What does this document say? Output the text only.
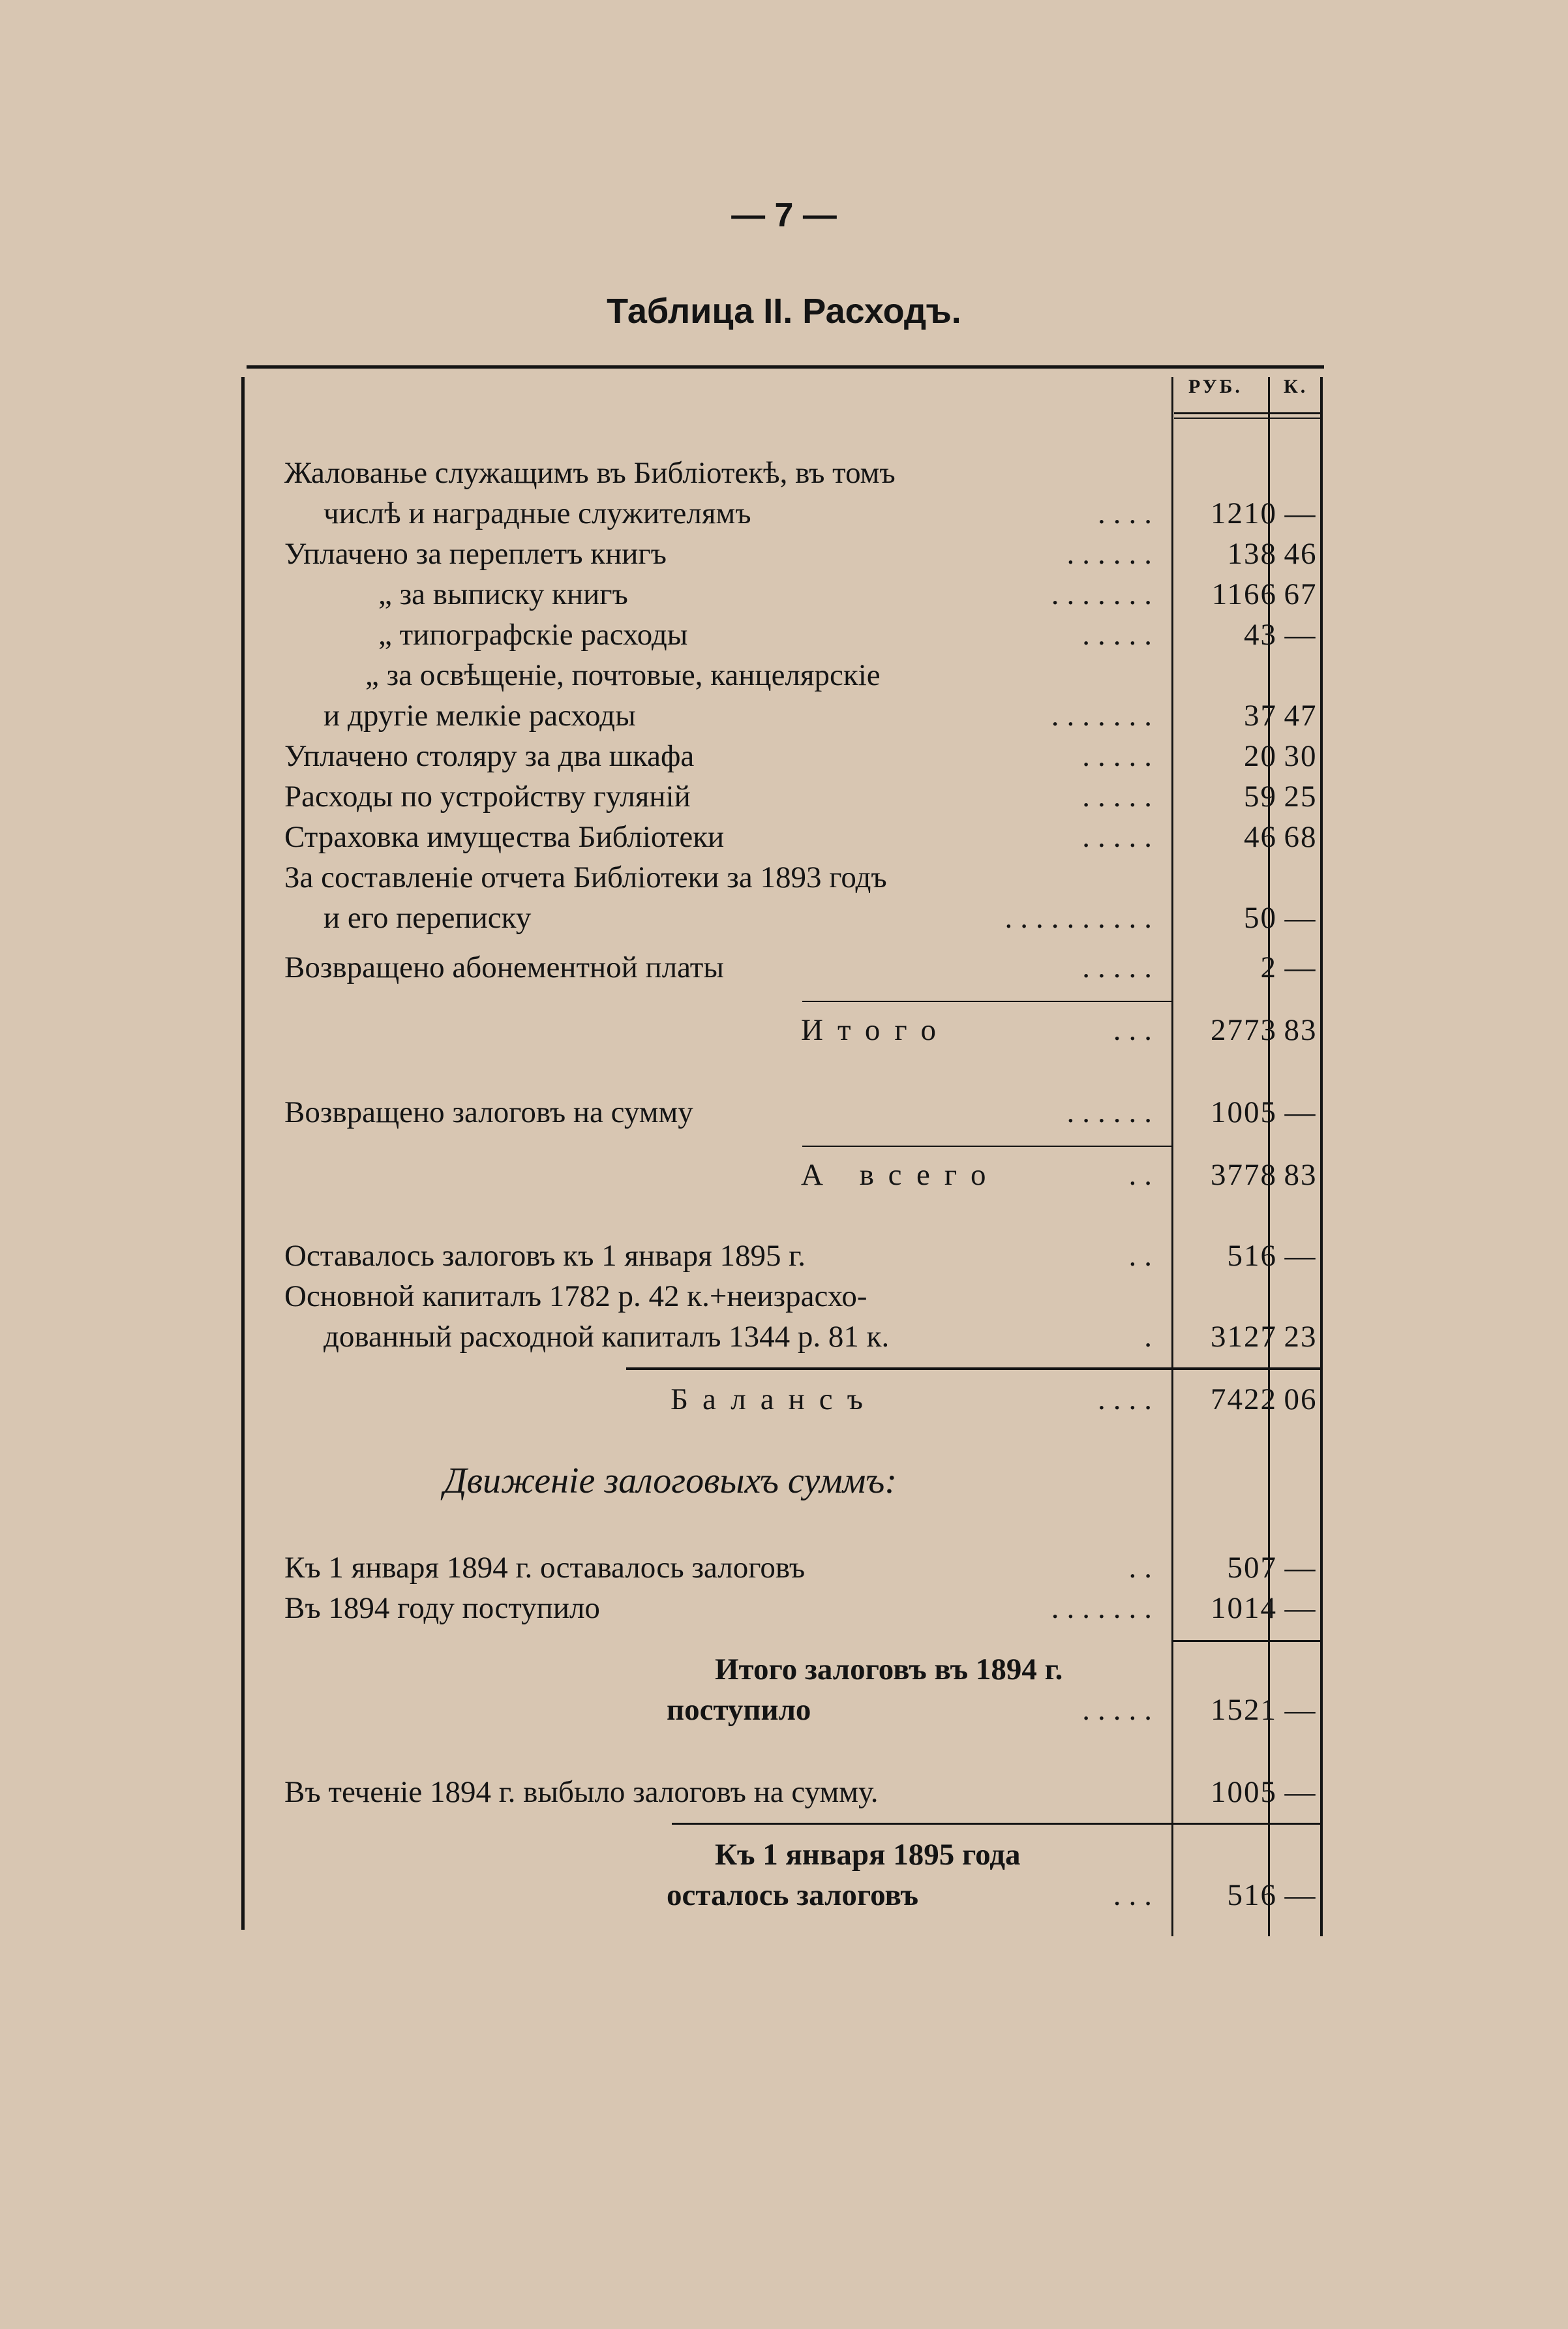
— 7 —
Таблица II. Расходъ.
РУБ. К.
Жалованье служащимъ въ Библіотекѣ, въ томъ
числѣ и наградные служителямъ	....	1210 —
Уплачено за переплетъ книгъ	......	138 46
„ за выписку книгъ	.......	1166 67
„ типографскіе расходы	.....	43 —
„ за освѣщеніе, почтовые, канцелярскіе
и другіе мелкіе расходы	.......	37 47
Уплачено столяру за два шкафа	.....	20 30
Расходы по устройству гуляній	.....	59 25
Страховка имущества Библіотеки	.....	46 68
За составленіе отчета Библіотеки за 1893 годъ
и его переписку	..........	50 —
Возвращено абонементной платы	.....	2 —
Итого	...	2773 83
Возвращено залоговъ на сумму	......	1005 —
А всего	..	3778 83
Оставалось залоговъ къ 1 января 1895 г.	..	516 —
Основной капиталъ 1782 р. 42 к.+неизрасхо-
дованный расходной капиталъ 1344 р. 81 к.	.	3127 23
Балансъ	....	7422 06
Движеніе залоговыхъ суммъ:
Къ 1 января 1894 г. оставалось залоговъ	..	507 —
Въ 1894 году поступило	.......	1014 —
Итого залоговъ въ 1894 г.
поступило	.....	1521 —
Въ теченіе 1894 г. выбыло залоговъ на сумму.	1005 —
Къ 1 января 1895 года
осталось залоговъ	...	516 —
